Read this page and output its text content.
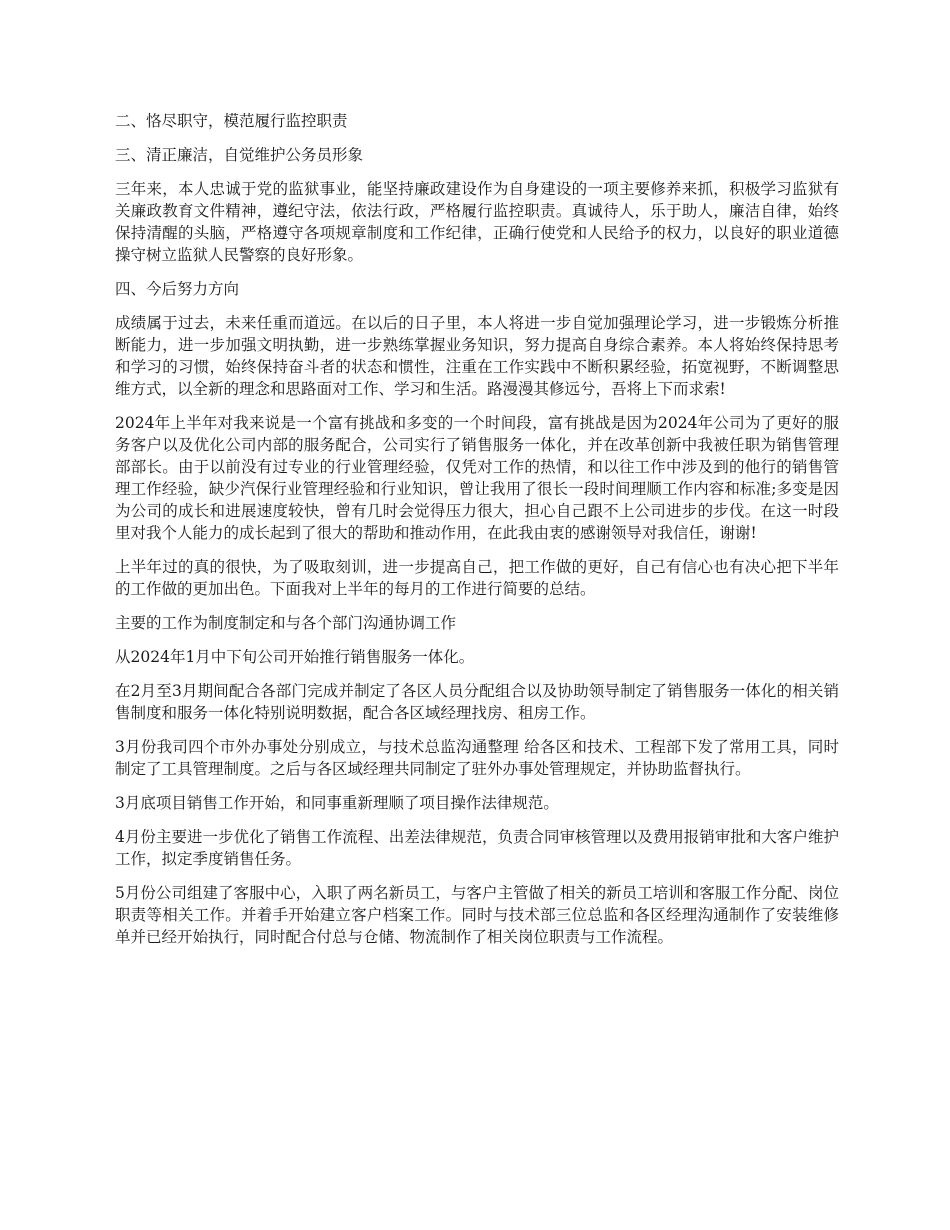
二、恪尽职守，模范履行监控职责

三、清正廉洁，自觉维护公务员形象

三年来，本人忠诚于党的监狱事业，能坚持廉政建设作为自身建设的一项主要修养来抓，积极学习监狱有关廉政教育文件精神，遵纪守法，依法行政，严格履行监控职责。真诚待人，乐于助人，廉洁自律，始终保持清醒的头脑，严格遵守各项规章制度和工作纪律，正确行使党和人民给予的权力，以良好的职业道德操守树立监狱人民警察的良好形象。

四、今后努力方向

成绩属于过去，未来任重而道远。在以后的日子里，本人将进一步自觉加强理论学习，进一步锻炼分析推断能力，进一步加强文明执勤，进一步熟练掌握业务知识，努力提高自身综合素养。本人将始终保持思考和学习的习惯，始终保持奋斗者的状态和惯性，注重在工作实践中不断积累经验，拓宽视野，不断调整思维方式，以全新的理念和思路面对工作、学习和生活。路漫漫其修远兮，吾将上下而求索!

2024年上半年对我来说是一个富有挑战和多变的一个时间段，富有挑战是因为2024年公司为了更好的服务客户以及优化公司内部的服务配合，公司实行了销售服务一体化，并在改革创新中我被任职为销售管理部部长。由于以前没有过专业的行业管理经验，仅凭对工作的热情，和以往工作中涉及到的他行的销售管理工作经验，缺少汽保行业管理经验和行业知识，曾让我用了很长一段时间理顺工作内容和标准;多变是因为公司的成长和进展速度较快，曾有几时会觉得压力很大，担心自己跟不上公司进步的步伐。在这一时段里对我个人能力的成长起到了很大的帮助和推动作用，在此我由衷的感谢领导对我信任，谢谢!

上半年过的真的很快，为了吸取刻训，进一步提高自己，把工作做的更好，自己有信心也有决心把下半年的工作做的更加出色。下面我对上半年的每月的工作进行简要的总结。

主要的工作为制度制定和与各个部门沟通协调工作

从2024年1月中下旬公司开始推行销售服务一体化。

在2月至3月期间配合各部门完成并制定了各区人员分配组合以及协助领导制定了销售服务一体化的相关销售制度和服务一体化特别说明数据，配合各区域经理找房、租房工作。

3月份我司四个市外办事处分别成立，与技术总监沟通整理 给各区和技术、工程部下发了常用工具，同时制定了工具管理制度。之后与各区域经理共同制定了驻外办事处管理规定，并协助监督执行。

3月底项目销售工作开始，和同事重新理顺了项目操作法律规范。

4月份主要进一步优化了销售工作流程、出差法律规范，负责合同审核管理以及费用报销审批和大客户维护工作，拟定季度销售任务。

5月份公司组建了客服中心，入职了两名新员工，与客户主管做了相关的新员工培训和客服工作分配、岗位职责等相关工作。并着手开始建立客户档案工作。同时与技术部三位总监和各区经理沟通制作了安装维修单并已经开始执行，同时配合付总与仓储、物流制作了相关岗位职责与工作流程。
